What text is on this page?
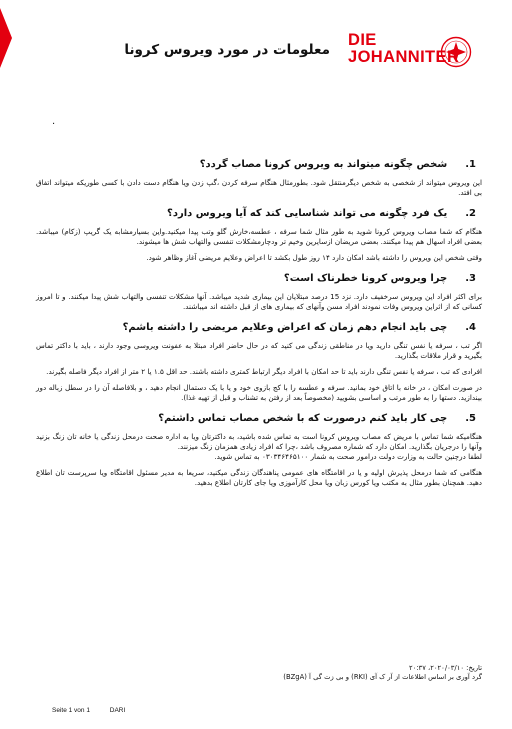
معلومات در مورد ویروس کرونا
DIE
JOHANNITER
.
1.
شخص چگونه میتواند به ویروس کرونا مصاب گردد؟

این ویروس میتواند از شخصی به شخص دیگرمنتقل شود. بطورمثال هنگام سرفه کردن ،گپ زدن ویا هنگام دست دادن با کسی طوریکه میتواند اتفاق بی افتد.

2.
یک فرد چگونه می تواند شناسایی کند که آیا ویروس دارد؟

هنگام که شما مصاب ویروس کرونا شوید به طور مثال شما سرفه ، عطسه،خارش گلو وتب پیدا میکنید.واین بسیارمشابه یک گریپ (زکام) میباشد. بعضی افراد اسهال هم پیدا میکنند. بعضی مریضان ازسایرین وخیم تر ودچارمشکلات تنفسی والتهاب شش ها میشوند.

وقتی شخص این ویروس را داشته باشد امکان دارد ۱۴ روز طول بکشد تا اعراض وعلایم مریضی آغاز وظاهر شود.

3.
چرا ویروس کرونا خطرناک است؟

برای اکثر افراد این ویروس سرخفیف دارد. نزد 15 درصد مبتلایان این بیماری شدید میباشد. آنها مشکلات تنفسی والتهاب شش پیدا میکنند. و تا امروز کسانی که از اثراین ویروس وفات نمودند افراد مسن وآنهای که بیماری های از قبل داشته اند میباشند.

4.
چی باید انجام دهم زمان که اعراض وعلایم مریضی را داشته باشم؟

اگر تب ، سرفه یا نفس تنگی دارید ویا در مناطقی زندگی می کنید که در حال حاضر افراد مبتلا به عفونت ویروسی وجود دارند ، باید با داکتر تماس بگیرید و قرار ملاقات بگذارید.

افرادی که تب ، سرفه یا نفس تنگی دارند باید تا حد امکان با افراد دیگر ارتباط کمتری داشته باشند. حد اقل ۱.۵ یا ۲ متر از افراد دیگر فاصله بگیرند.

در صورت امکان ، در خانه با اتاق خود بمانید. سرفه و عطسه را با کج بازوی خود و یا با یک دستمال انجام دهید ، و بلافاصله آن را در سطل زباله دور بیندازید. دستها را به طور مرتب و اساسی بشویید (مخصوصاً بعد از رفتن به تشناب و قبل از تهیه غذا).

5.
چی کار باید کنم درصورت که با شخص مصاب تماس داشتم؟

هنگامیکه شما تماس با مریض که مصاب ویروس کرونا است به تماس شده باشید، به داکترتان ویا به اداره صحت درمحل زندگی یا خانه تان زنگ بزنید وآنها را درجریان بگذارید. امکان دارد که شماره مصروف باشد ،چرا که افراد زیادی همزمان زنگ میزنند.
لطفا درچنین حالت به وزارت دولت درامور صحت به شمار ۰۳۰۳۴۶۴۶۵۱۰۰ به تماس شوید.

هنگامی که شما درمحل پذیرش اولیه و یا در اقامتگاه های عمومی پناهندگان زندگی میکنید، سریعا به مدیر مسئول اقامتگاه ویا سرپرست تان اطلاع دهید. همچنان بطور مثال به مکتب ویا کورس زبان ویا محل کارآموزی ویا جای کارتان اطلاع بدهید.

تاریخ: ۲۰۲۰/۰۳/۱۰، ۲۰:۳۷
گرد آوری بر اساس اطلاعات از آر ک آی (RKI) و بی زت گی آ (BZgA)
Seite 1 von 1	DARI
